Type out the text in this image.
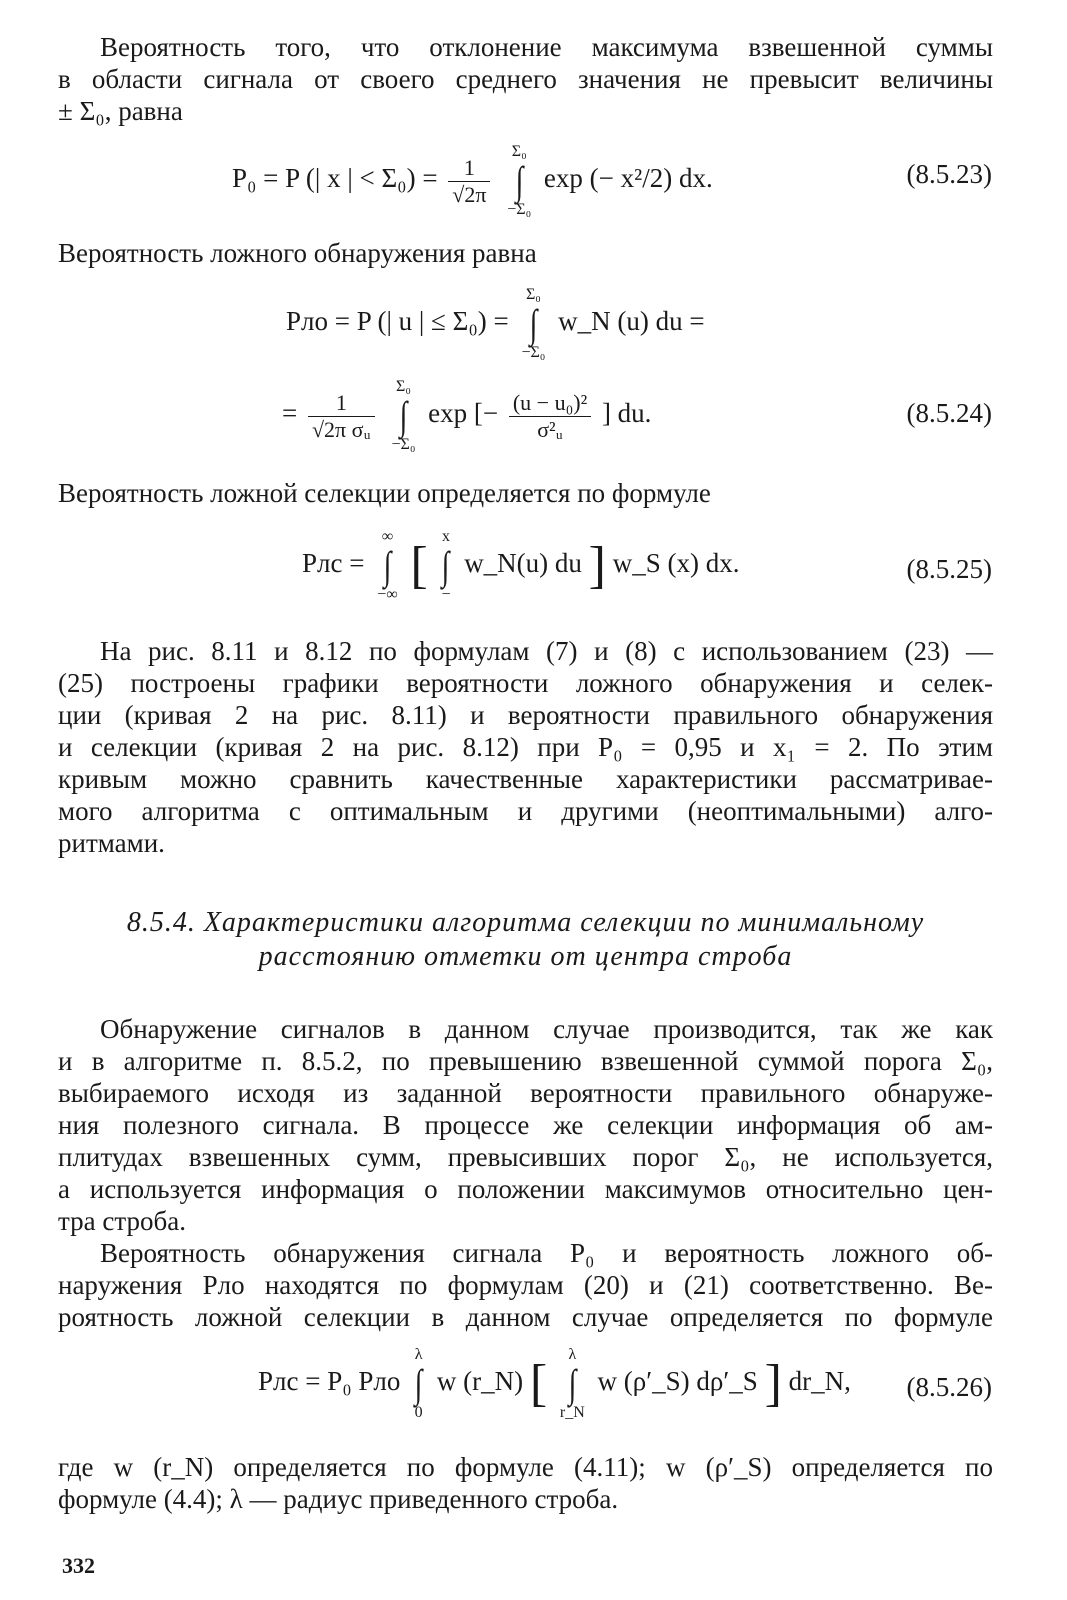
Вероятность того, что отклонение максимума взвешенной суммы
в области сигнала от своего среднего значения не превысит величины
± Σ₀, равна
P₀ = P (| x | < $\Sigma_0) = \frac{1}{√2\pi}$

Σ₀
∫
−Σ₀
exp (− x²/2) dx.	(8.5.23)
Вероятность ложного обнаружения равна
Pло = P (| u | ≤ Σ₀) =
Σ₀
∫
−Σ₀
w_N (u) du =
= $\frac{1}{\text{√2π σᵤ}}$

Σ₀
∫
−Σ₀
exp [− $\frac{\text{(u − u₀)²}}{\text{σ²ᵤ}}$ ] du.	(8.5.24)
Вероятность ложной селекции определяется по формуле
Pлс =
∞
∫
−∞
[
x
∫
−
w_N(u) du ] w_S (x) dx.	(8.5.25)
На рис. 8.11 и 8.12 по формулам (7) и (8) с использованием (23) —
(25) построены графики вероятности ложного обнаружения и селек-
ции (кривая 2 на рис. 8.11) и вероятности правильного обнаружения
и селекции (кривая 2 на рис. 8.12) при P₀ = 0,95 и x₁ = 2. По этим
кривым можно сравнить качественные характеристики рассматривае-
мого алгоритма с оптимальным и другими (неоптимальными) алго-
ритмами.
8.5.4. Характеристики алгоритма селекции по минимальному
расстоянию отметки от центра строба
Обнаружение сигналов в данном случае производится, так же как
и в алгоритме п. 8.5.2, по превышению взвешенной суммой порога Σ₀,
выбираемого исходя из заданной вероятности правильного обнаруже-
ния полезного сигнала. В процессе же селекции информация об ам-
плитудах взвешенных сумм, превысивших порог Σ₀, не используется,
а используется информация о положении максимумов относительно цен-
тра строба.
Вероятность обнаружения сигнала P₀ и вероятность ложного об-
наружения Pло находятся по формулам (20) и (21) соответственно. Ве-
роятность ложной селекции в данном случае определяется по формуле
Pлс = P₀ Pло
λ
∫
0
w (r_N) [
λ
∫
r_N
w (ρ′_S) dρ′_S ] dr_N, (8.5.26)
где w (r_N) определяется по формуле (4.11); w (ρ′_S) определяется по
формуле (4.4); λ — радиус приведенного строба.
332
